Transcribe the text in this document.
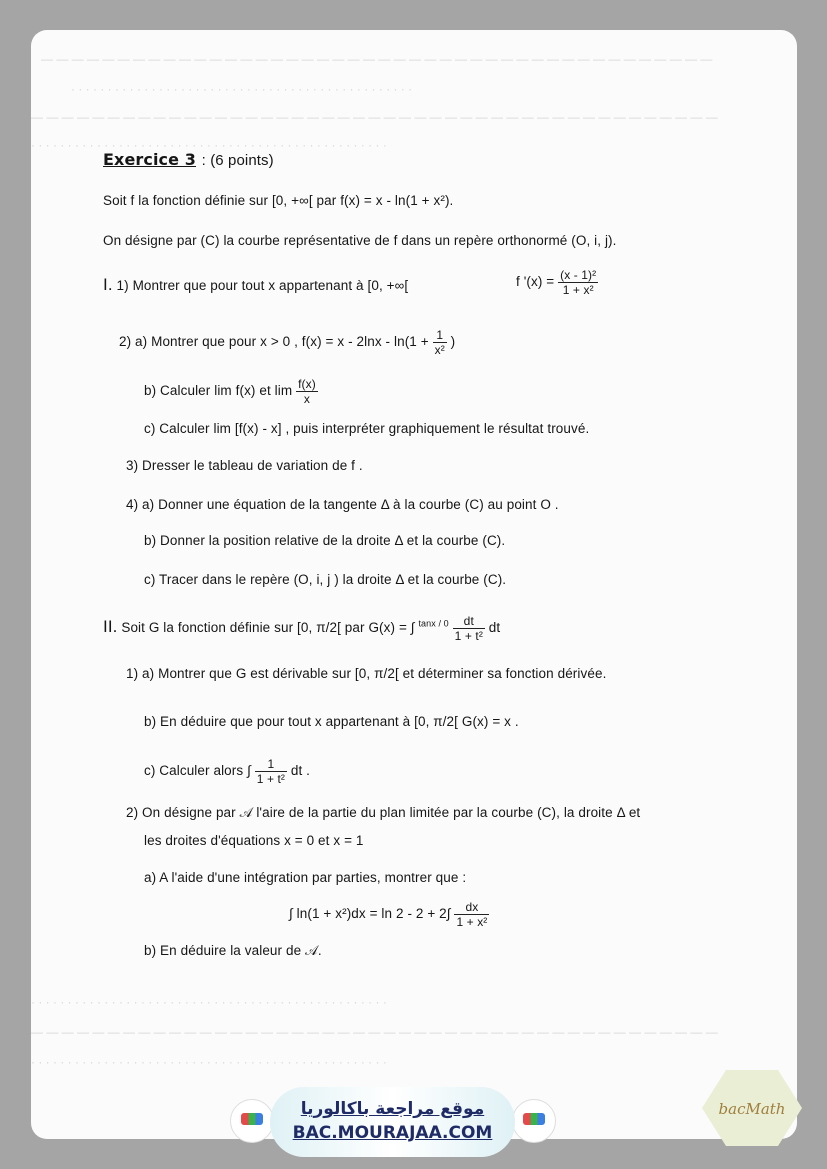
— — — — — — — — — — — — — — — — — — — — — — — — — — — — — — — — — — — — — — — — — — — —
· · · · · · · · · · · · · · · · · · · · · · · · · · · · · · · · · · · · · · · · · · · · · · ·
— — — — — — — — — — — — — — — — — — — — — — — — — — — — — — — — — — — — — — — — — — — — —
· · · · · · · · · · · · · · · · · · · · · · · · · · · · · · · · · · · · · · · · · · · · · · · · ·
Exercice 3 : (6 points)
Soit f la fonction définie sur [0, +∞[ par f(x) = x - ln(1 + x²).
On désigne par (C) la courbe représentative de f dans un repère orthonormé (O, i, j).
I. 1) Montrer que pour tout x appartenant à [0, +∞[	f '$(x) = \frac{\text{(x - 1)²}}{\text{1 + x²}}$
2) a) Montrer que pour x > 0 , $f(x) = x - 2\ln x - \ln(1 + \frac{1}{\text{x²}}$ )
b) Calculer lim f(x) et $\lim \frac{f(x)}{x}$
c) Calculer lim [f(x) - x] , puis interpréter graphiquement le résultat trouvé.
3) Dresser le tableau de variation de f .
4) a) Donner une équation de la tangente Δ à la courbe (C) au point O .
b) Donner la position relative de la droite Δ et la courbe (C).
c) Tracer dans le repère (O, i, j ) la droite Δ et la courbe (C).
II. Soit G la fonction définie sur [0, π/2[ par G(x) = ∫ $^{tanx / 0} \frac{dt}{\text{1 + t²}}$ dt
1) a) Montrer que G est dérivable sur [0, π/2[ et déterminer sa fonction dérivée.
b) En déduire que pour tout x appartenant à [0, π/2[ G(x) = x .
c) Calculer alors ∫ $\frac{1}{\text{1 + t²}}$ dt .
2) On désigne par 𝒜 l'aire de la partie du plan limitée par la courbe (C), la droite Δ et
les droites d'équations x = 0 et x = 1
a) A l'aide d'une intégration par parties, montrer que :
∫ $\ln(1 + x^2)dx = \ln 2 - 2 + 2\int \frac{dx}{\text{1 + x²}}$
b) En déduire la valeur de 𝒜.
· · · · · · · · · · · · · · · · · · · · · · · · · · · · · · · · · · · · · · · · · · · · · · · · ·
— — — — — — — — — — — — — — — — — — — — — — — — — — — — — — — — — — — — — — — — — — — — —
· · · · · · · · · · · · · · · · · · · · · · · · · · · · · · · · · · · · · · · · · · · · · · · · ·
موقع مراجعة باكالوريا
BAC.MOURAJAA.COM
bacMath
